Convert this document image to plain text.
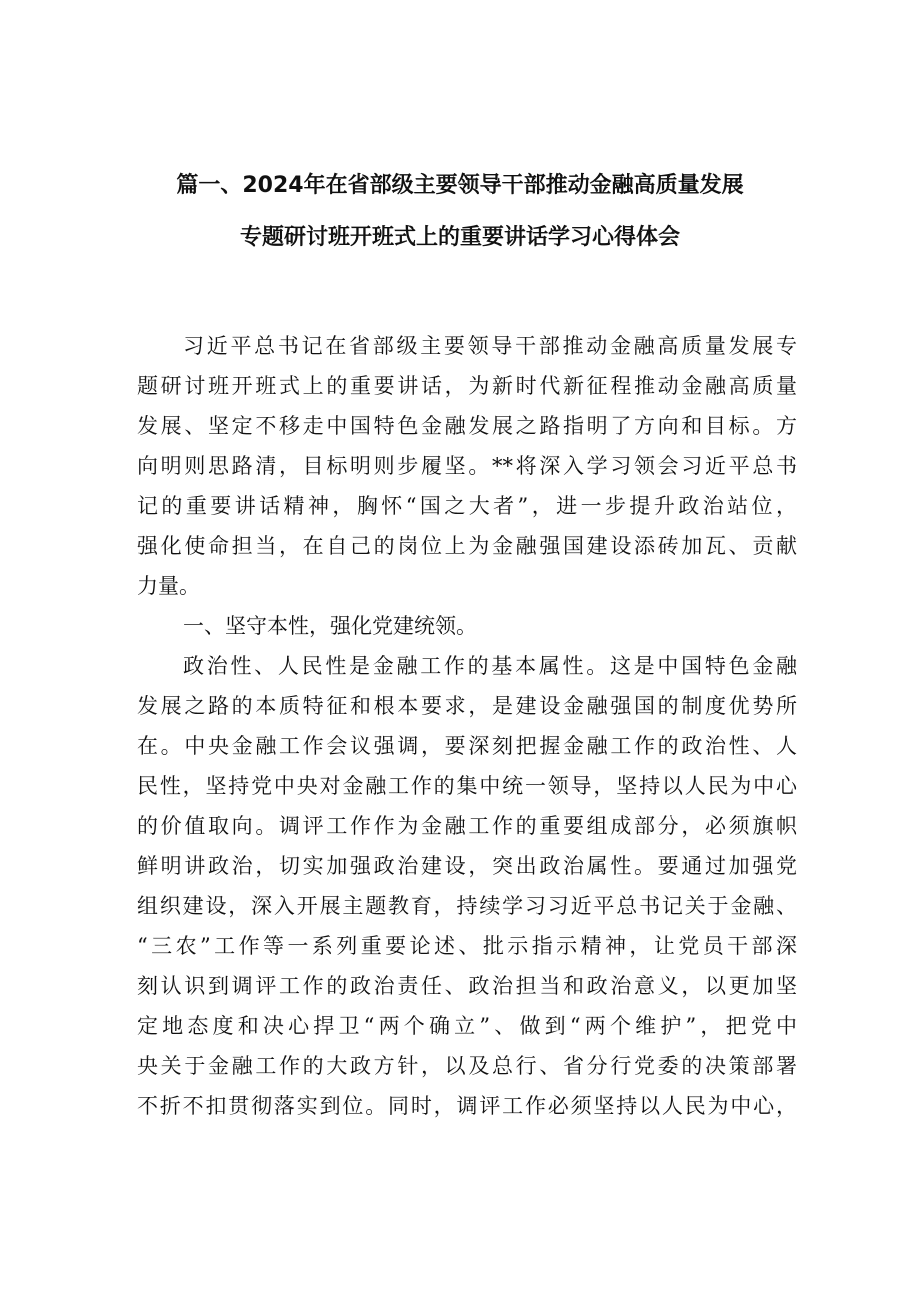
篇一、2024年在省部级主要领导干部推动金融高质量发展
专题研讨班开班式上的重要讲话学习心得体会
习近平总书记在省部级主要领导干部推动金融高质量发展专
题研讨班开班式上的重要讲话，为新时代新征程推动金融高质量
发展、坚定不移走中国特色金融发展之路指明了方向和目标。方
向明则思路清，目标明则步履坚。**将深入学习领会习近平总书
记的重要讲话精神，胸怀“国之大者”，进一步提升政治站位，
强化使命担当，在自己的岗位上为金融强国建设添砖加瓦、贡献
力量。
一、坚守本性，强化党建统领。
政治性、人民性是金融工作的基本属性。这是中国特色金融
发展之路的本质特征和根本要求，是建设金融强国的制度优势所
在。中央金融工作会议强调，要深刻把握金融工作的政治性、人
民性，坚持党中央对金融工作的集中统一领导，坚持以人民为中心
的价值取向。调评工作作为金融工作的重要组成部分，必须旗帜
鲜明讲政治，切实加强政治建设，突出政治属性。要通过加强党
组织建设，深入开展主题教育，持续学习习近平总书记关于金融、
“三农”工作等一系列重要论述、批示指示精神，让党员干部深
刻认识到调评工作的政治责任、政治担当和政治意义，以更加坚
定地态度和决心捍卫“两个确立”、做到“两个维护”，把党中
央关于金融工作的大政方针，以及总行、省分行党委的决策部署
不折不扣贯彻落实到位。同时，调评工作必须坚持以人民为中心，
